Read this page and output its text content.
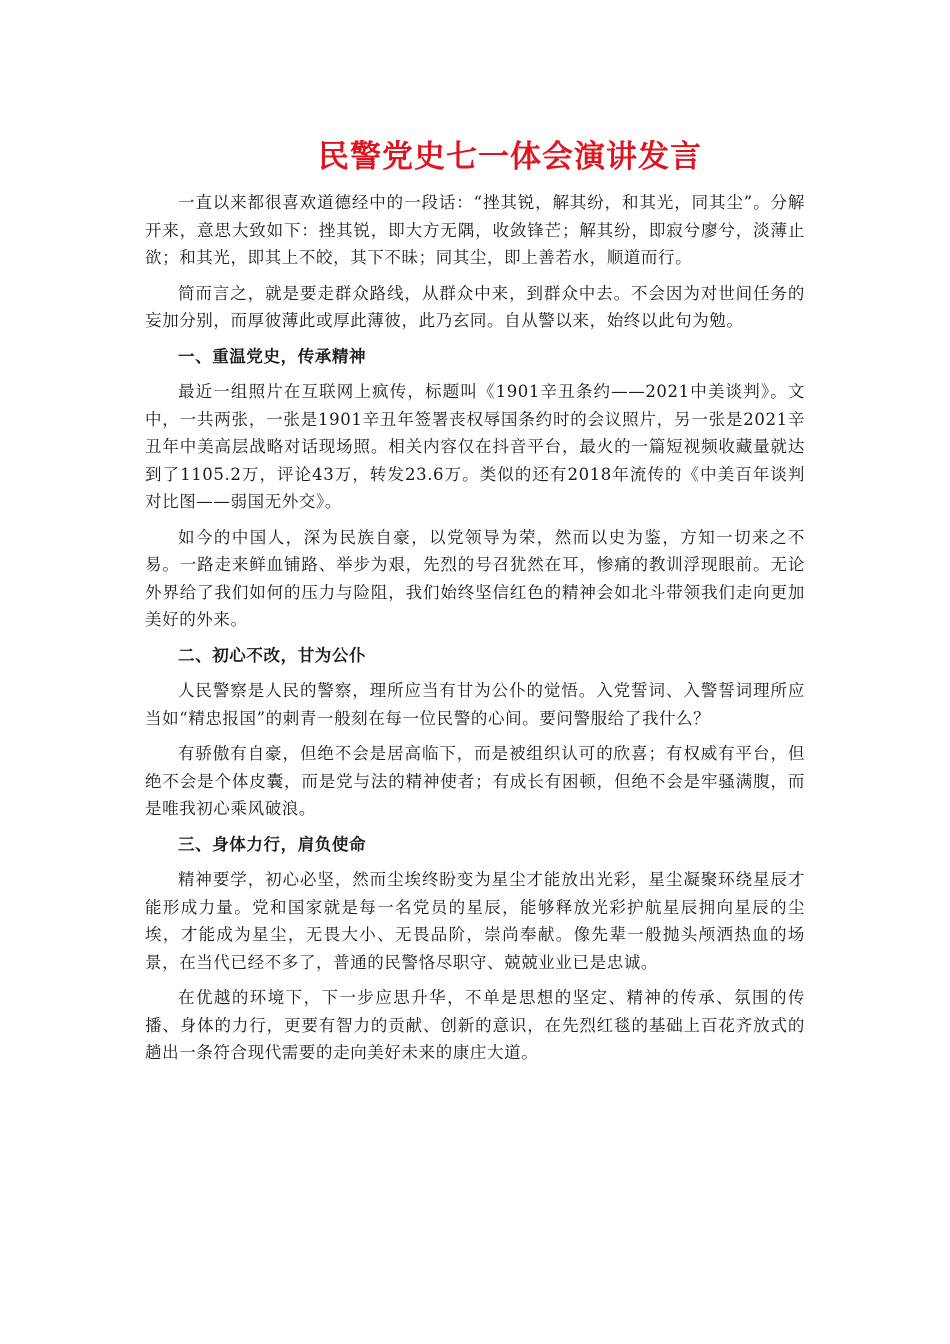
民警党史七一体会演讲发言

一直以来都很喜欢道德经中的一段话：“挫其锐，解其纷，和其光，同其尘”。分解开来，意思大致如下：挫其锐，即大方无隅，收敛锋芒；解其纷，即寂兮廖兮，淡薄止欲；和其光，即其上不皎，其下不昧；同其尘，即上善若水，顺道而行。

简而言之，就是要走群众路线，从群众中来，到群众中去。不会因为对世间任务的妄加分别，而厚彼薄此或厚此薄彼，此乃玄同。自从警以来，始终以此句为勉。

一、重温党史，传承精神

最近一组照片在互联网上疯传，标题叫《1901辛丑条约——2021中美谈判》。文中，一共两张，一张是1901辛丑年签署丧权辱国条约时的会议照片，另一张是2021辛丑年中美高层战略对话现场照。相关内容仅在抖音平台，最火的一篇短视频收藏量就达到了1105.2万，评论43万，转发23.6万。类似的还有2018年流传的《中美百年谈判对比图——弱国无外交》。

如今的中国人，深为民族自豪，以党领导为荣，然而以史为鉴，方知一切来之不易。一路走来鲜血铺路、举步为艰，先烈的号召犹然在耳，惨痛的教训浮现眼前。无论外界给了我们如何的压力与险阻，我们始终坚信红色的精神会如北斗带领我们走向更加美好的外来。

二、初心不改，甘为公仆

人民警察是人民的警察，理所应当有甘为公仆的觉悟。入党誓词、入警誓词理所应当如“精忠报国”的刺青一般刻在每一位民警的心间。要问警服给了我什么？

有骄傲有自豪，但绝不会是居高临下，而是被组织认可的欣喜；有权威有平台，但绝不会是个体皮囊，而是党与法的精神使者；有成长有困顿，但绝不会是牢骚满腹，而是唯我初心乘风破浪。

三、身体力行，肩负使命

精神要学，初心必坚，然而尘埃终盼变为星尘才能放出光彩，星尘凝聚环绕星辰才能形成力量。党和国家就是每一名党员的星辰，能够释放光彩护航星辰拥向星辰的尘埃，才能成为星尘，无畏大小、无畏品阶，崇尚奉献。像先辈一般抛头颅洒热血的场景，在当代已经不多了，普通的民警恪尽职守、兢兢业业已是忠诚。

在优越的环境下，下一步应思升华，不单是思想的坚定、精神的传承、氛围的传播、身体的力行，更要有智力的贡献、创新的意识，在先烈红毯的基础上百花齐放式的趟出一条符合现代需要的走向美好未来的康庄大道。
